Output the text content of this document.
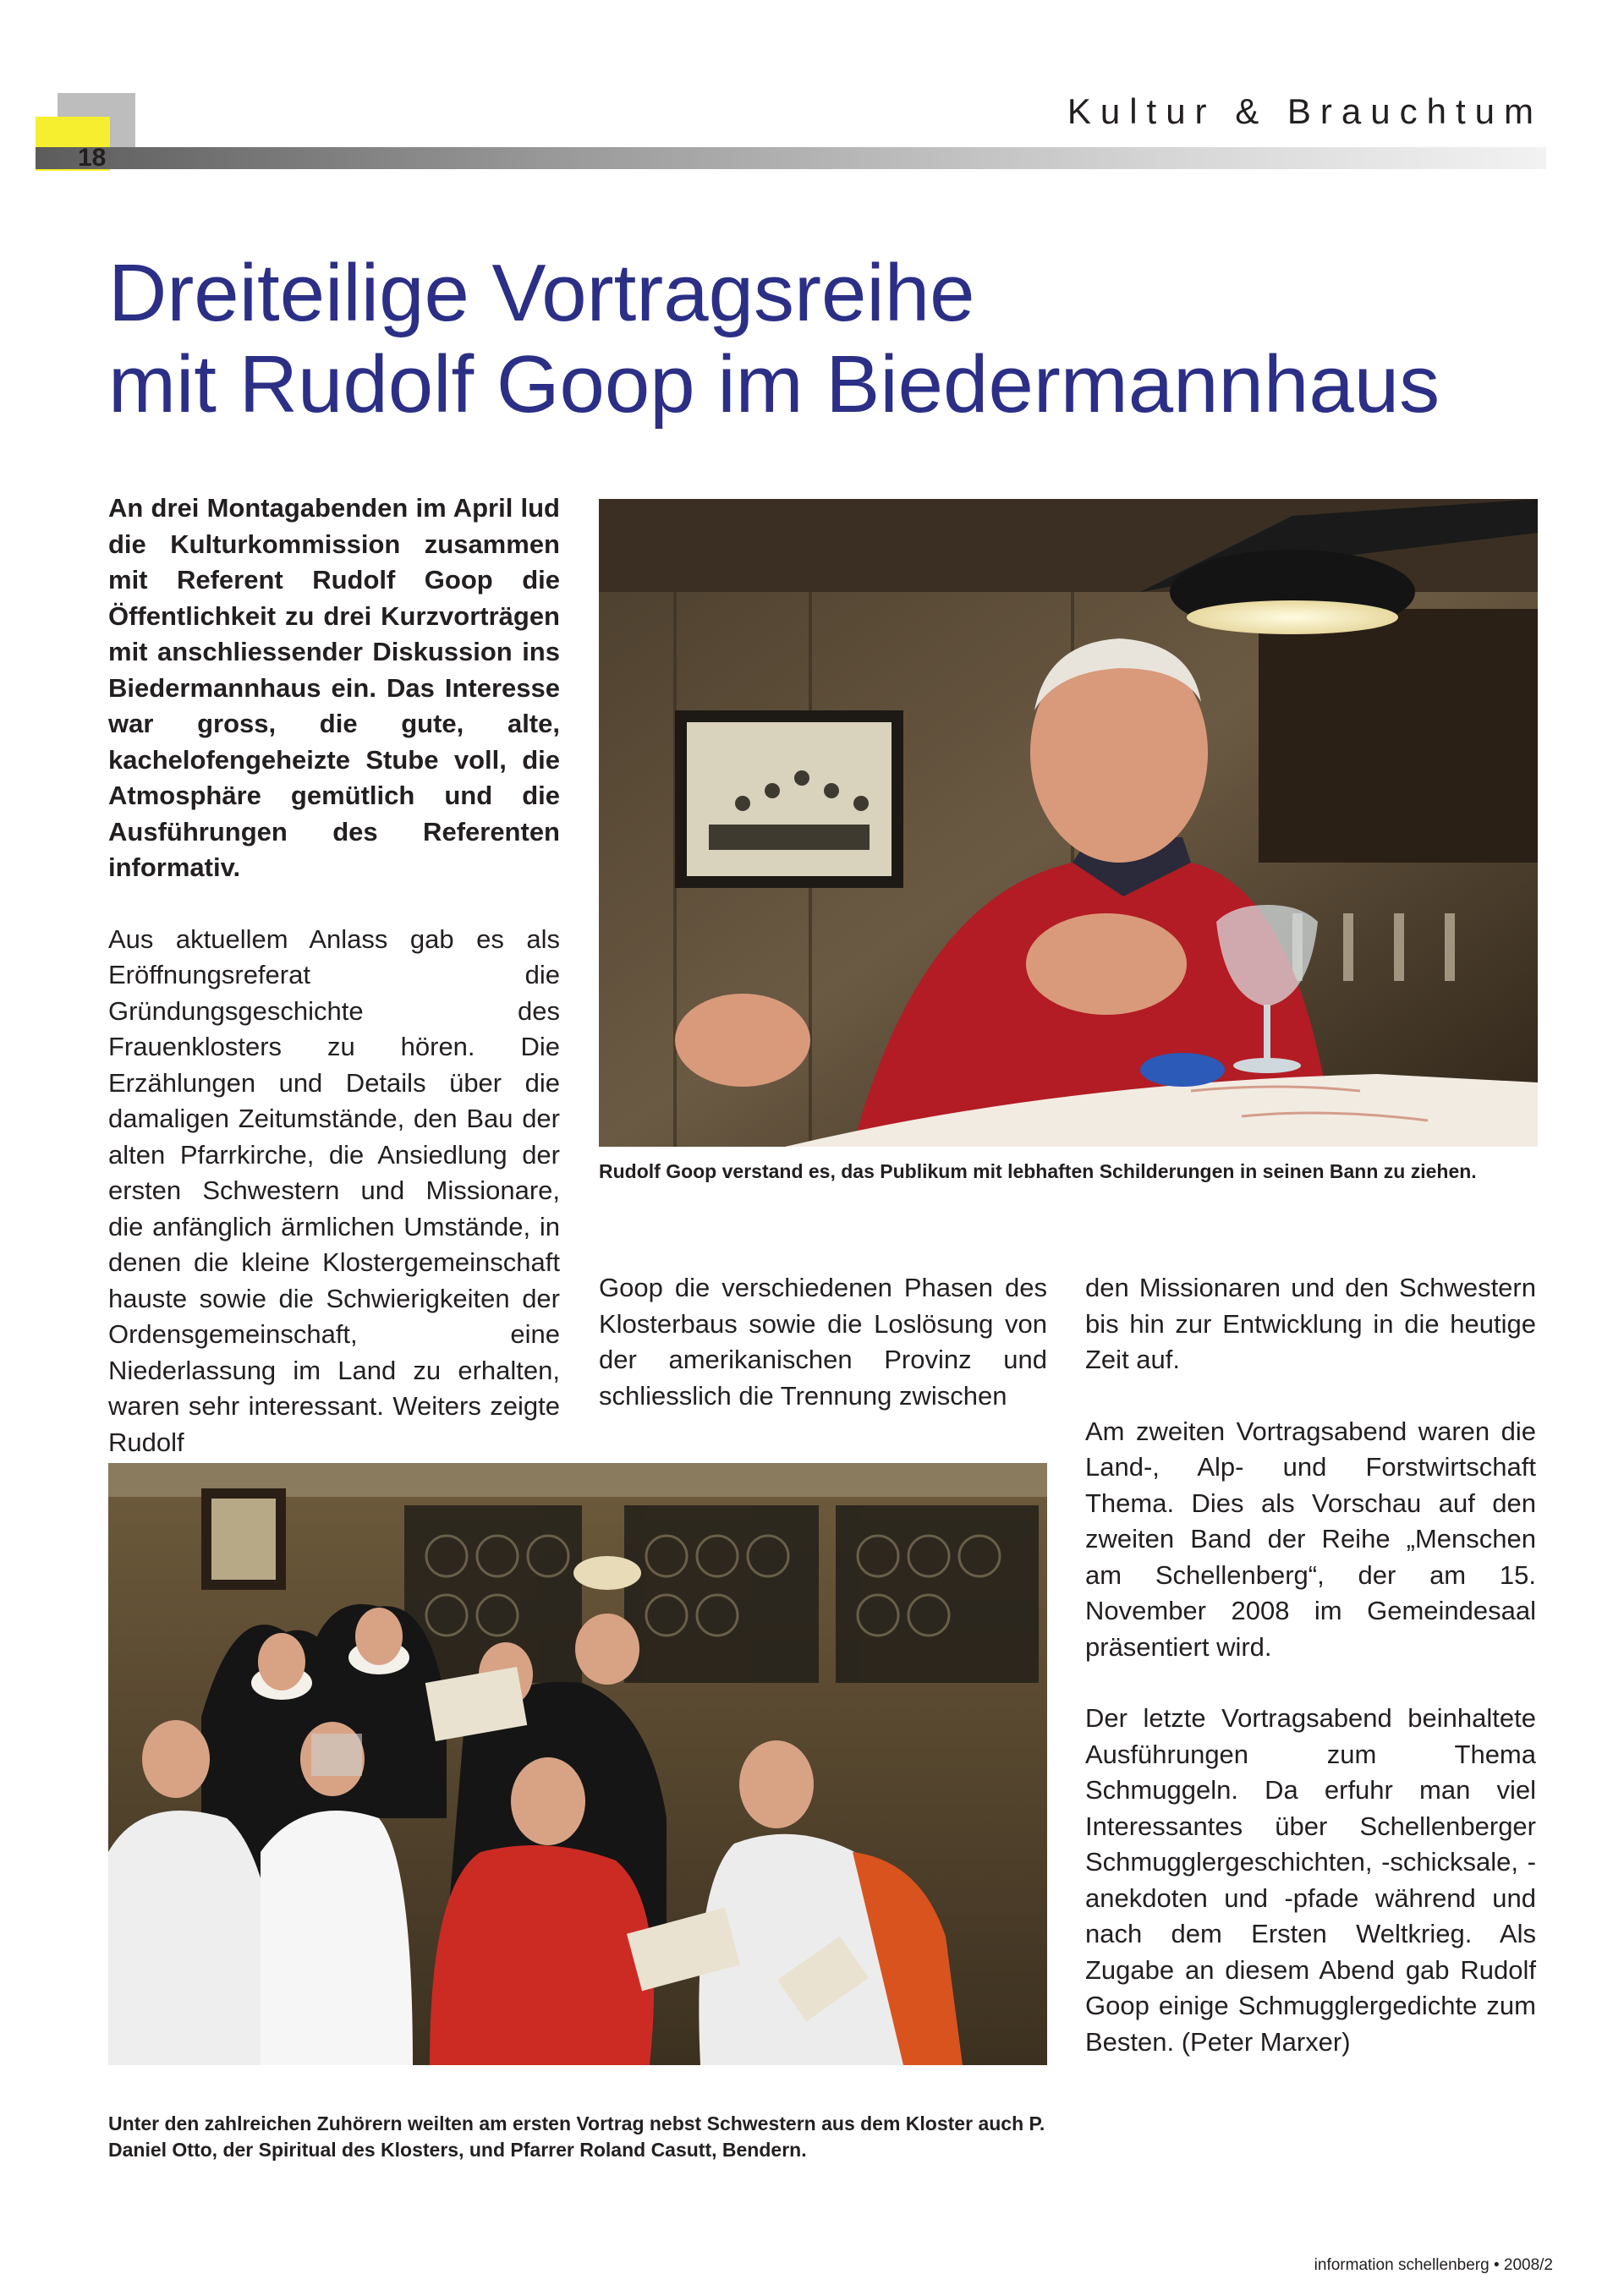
18
Kultur & Brauchtum
Dreiteilige Vortragsreihe
mit Rudolf Goop im Biedermannhaus

An drei Montagabenden im April lud die Kulturkommission zusammen mit Referent Rudolf Goop die Öffentlichkeit zu drei Kurzvorträgen mit anschliessender Diskussion ins Biedermannhaus ein. Das Interesse war gross, die gute, alte, kachelofengeheizte Stube voll, die Atmosphäre gemütlich und die Ausführungen des Referenten informativ.

Aus aktuellem Anlass gab es als Eröffnungsreferat die Gründungsgeschichte des Frauenklosters zu hören. Die Erzählungen und Details über die damaligen Zeitumstände, den Bau der alten Pfarrkirche, die Ansiedlung der ersten Schwestern und Missionare, die anfänglich ärmlichen Umstände, in denen die kleine Klostergemeinschaft hauste sowie die Schwierigkeiten der Ordensgemeinschaft, eine Niederlassung im Land zu erhalten, waren sehr interessant. Weiters zeigte Rudolf

Rudolf Goop verstand es, das Publikum mit lebhaften Schilderungen in seinen Bann zu ziehen.

Goop die verschiedenen Phasen des Klosterbaus sowie die Loslösung von der amerikanischen Provinz und schliesslich die Trennung zwischen

den Missionaren und den Schwestern bis hin zur Entwicklung in die heutige Zeit auf.

Am zweiten Vortragsabend waren die Land-, Alp- und Forstwirtschaft Thema. Dies als Vorschau auf den zweiten Band der Reihe „Menschen am Schellenberg“, der am 15. November 2008 im Gemeindesaal präsentiert wird.

Der letzte Vortragsabend beinhaltete Ausführungen zum Thema Schmuggeln. Da erfuhr man viel Interessantes über Schellenberger Schmugglergeschichten, -schicksale, -anekdoten und -pfade während und nach dem Ersten Weltkrieg. Als Zugabe an diesem Abend gab Rudolf Goop einige Schmugglergedichte zum Besten. (Peter Marxer)

Unter den zahlreichen Zuhörern weilten am ersten Vortrag nebst Schwestern aus dem Kloster auch P. Daniel Otto, der Spiritual des Klosters, und Pfarrer Roland Casutt, Bendern.
information schellenberg • 2008/2
